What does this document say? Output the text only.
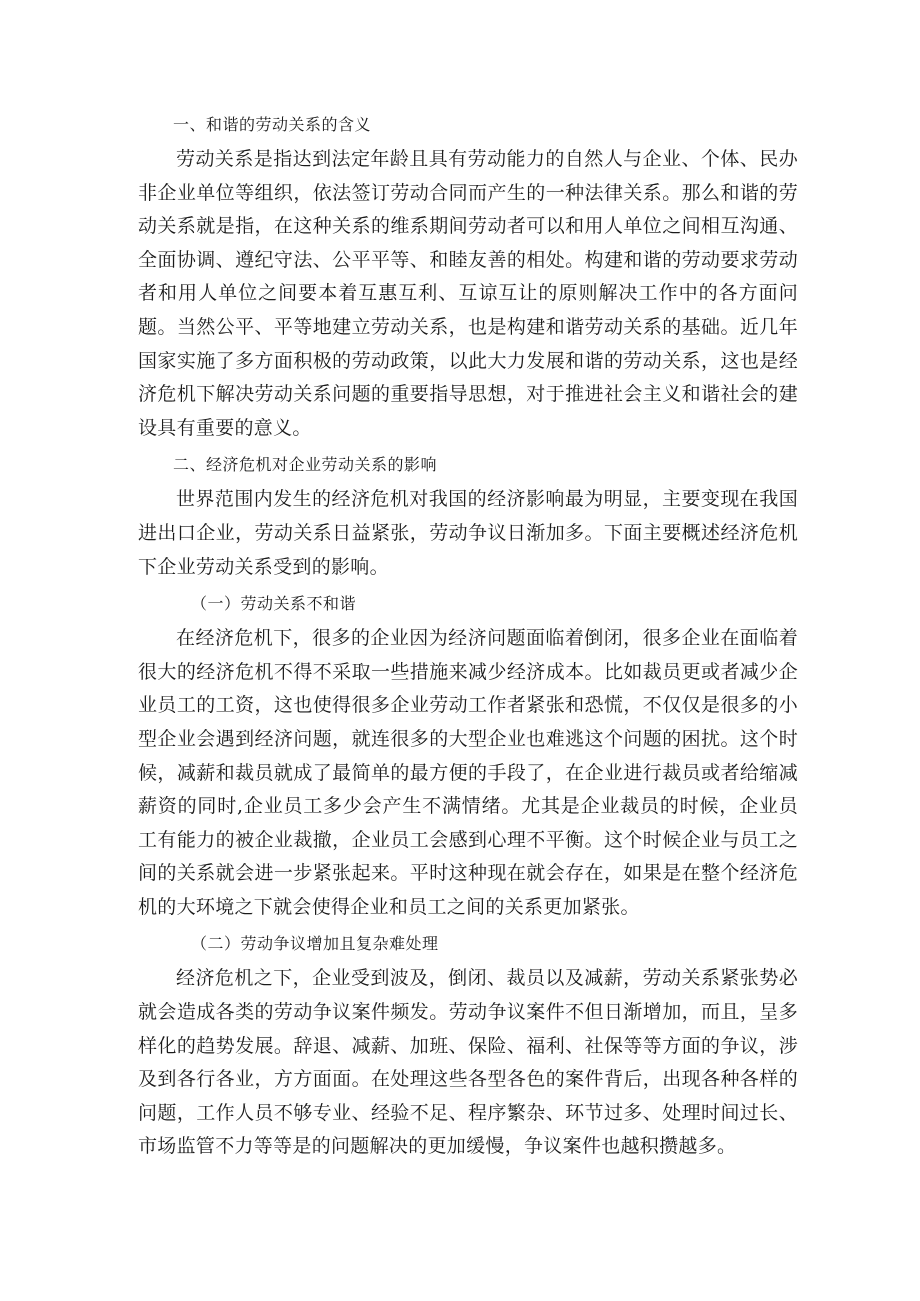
一、和谐的劳动关系的含义

劳动关系是指达到法定年龄且具有劳动能力的自然人与企业、个体、民办非企业单位等组织，依法签订劳动合同而产生的一种法律关系。那么和谐的劳动关系就是指，在这种关系的维系期间劳动者可以和用人单位之间相互沟通、全面协调、遵纪守法、公平平等、和睦友善的相处。构建和谐的劳动要求劳动者和用人单位之间要本着互惠互利、互谅互让的原则解决工作中的各方面问题。当然公平、平等地建立劳动关系，也是构建和谐劳动关系的基础。近几年国家实施了多方面积极的劳动政策，以此大力发展和谐的劳动关系，这也是经济危机下解决劳动关系问题的重要指导思想，对于推进社会主义和谐社会的建设具有重要的意义。

二、经济危机对企业劳动关系的影响

世界范围内发生的经济危机对我国的经济影响最为明显，主要变现在我国进出口企业，劳动关系日益紧张，劳动争议日渐加多。下面主要概述经济危机下企业劳动关系受到的影响。

（一）劳动关系不和谐

在经济危机下，很多的企业因为经济问题面临着倒闭，很多企业在面临着很大的经济危机不得不采取一些措施来减少经济成本。比如裁员更或者减少企业员工的工资，这也使得很多企业劳动工作者紧张和恐慌，不仅仅是很多的小型企业会遇到经济问题，就连很多的大型企业也难逃这个问题的困扰。这个时候，减薪和裁员就成了最简单的最方便的手段了，在企业进行裁员或者给缩减薪资的同时,企业员工多少会产生不满情绪。尤其是企业裁员的时候，企业员工有能力的被企业裁撤，企业员工会感到心理不平衡。这个时候企业与员工之间的关系就会进一步紧张起来。平时这种现在就会存在，如果是在整个经济危机的大环境之下就会使得企业和员工之间的关系更加紧张。

（二）劳动争议增加且复杂难处理

经济危机之下，企业受到波及，倒闭、裁员以及减薪，劳动关系紧张势必就会造成各类的劳动争议案件频发。劳动争议案件不但日渐增加，而且，呈多样化的趋势发展。辞退、减薪、加班、保险、福利、社保等等方面的争议，涉及到各行各业，方方面面。在处理这些各型各色的案件背后，出现各种各样的问题，工作人员不够专业、经验不足、程序繁杂、环节过多、处理时间过长、市场监管不力等等是的问题解决的更加缓慢，争议案件也越积攒越多。
